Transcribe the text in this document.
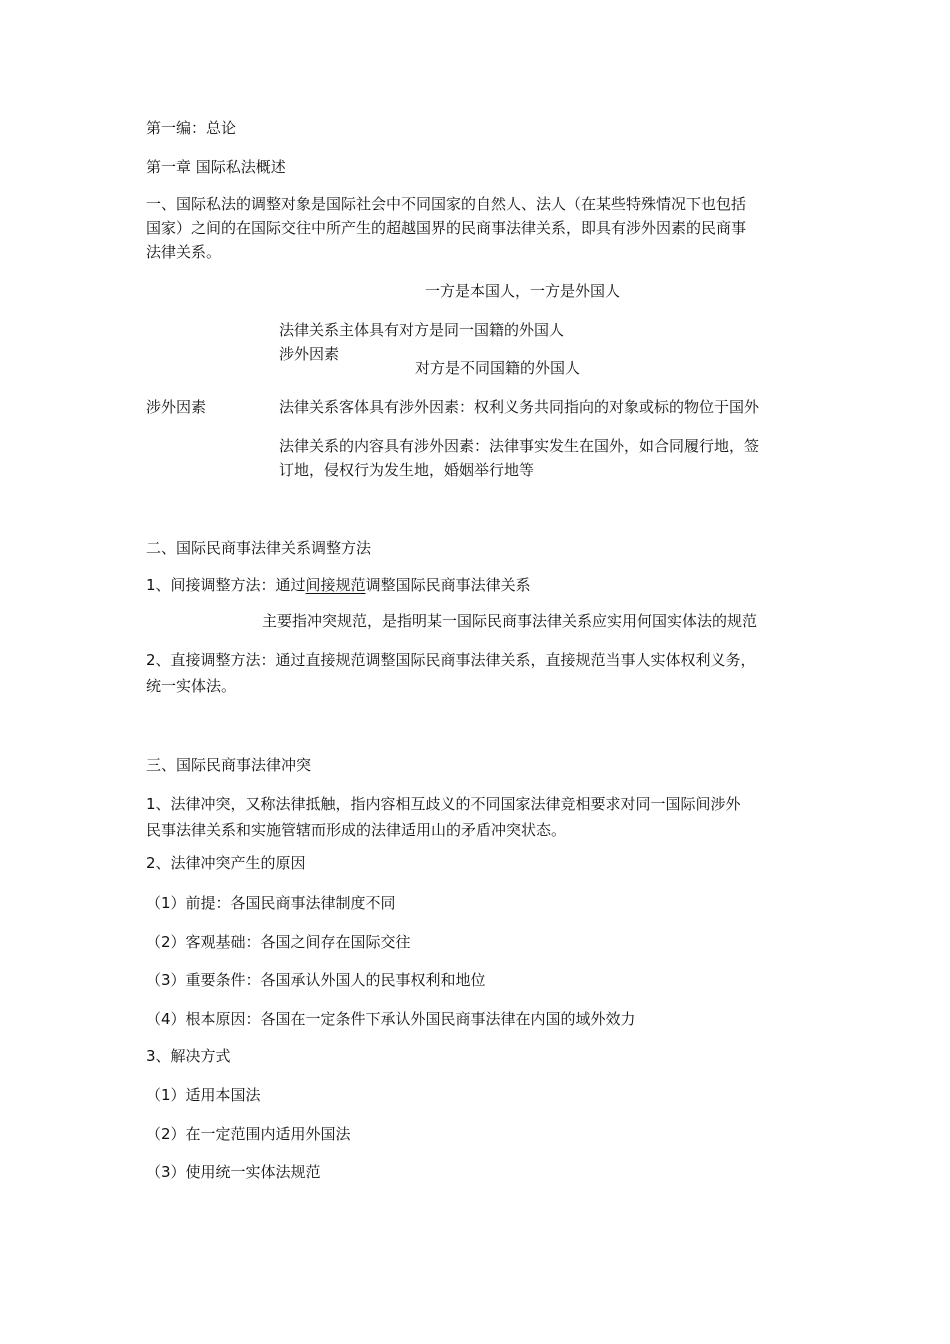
第一编：总论
第一章 国际私法概述
一、国际私法的调整对象是国际社会中不同国家的自然人、法人（在某些特殊情况下也包括
国家）之间的在国际交往中所产生的超越国界的民商事法律关系，即具有涉外因素的民商事
法律关系。
一方是本国人，一方是外国人
法律关系主体具有对方是同一国籍的外国人
涉外因素
对方是不同国籍的外国人
涉外因素	法律关系客体具有涉外因素：权利义务共同指向的对象或标的物位于国外
法律关系的内容具有涉外因素：法律事实发生在国外，如合同履行地，签
订地，侵权行为发生地，婚姻举行地等
二、国际民商事法律关系调整方法
1、间接调整方法：通过间接规范调整国际民商事法律关系
主要指冲突规范，是指明某一国际民商事法律关系应实用何国实体法的规范
2、直接调整方法：通过直接规范调整国际民商事法律关系，直接规范当事人实体权利义务，
统一实体法。
三、国际民商事法律冲突
1、法律冲突，又称法律抵触，指内容相互歧义的不同国家法律竞相要求对同一国际间涉外
民事法律关系和实施管辖而形成的法律适用山的矛盾冲突状态。
2、法律冲突产生的原因
（1）前提：各国民商事法律制度不同
（2）客观基础：各国之间存在国际交往
（3）重要条件：各国承认外国人的民事权利和地位
（4）根本原因：各国在一定条件下承认外国民商事法律在内国的域外效力
3、解决方式
（1）适用本国法
（2）在一定范围内适用外国法
（3）使用统一实体法规范
